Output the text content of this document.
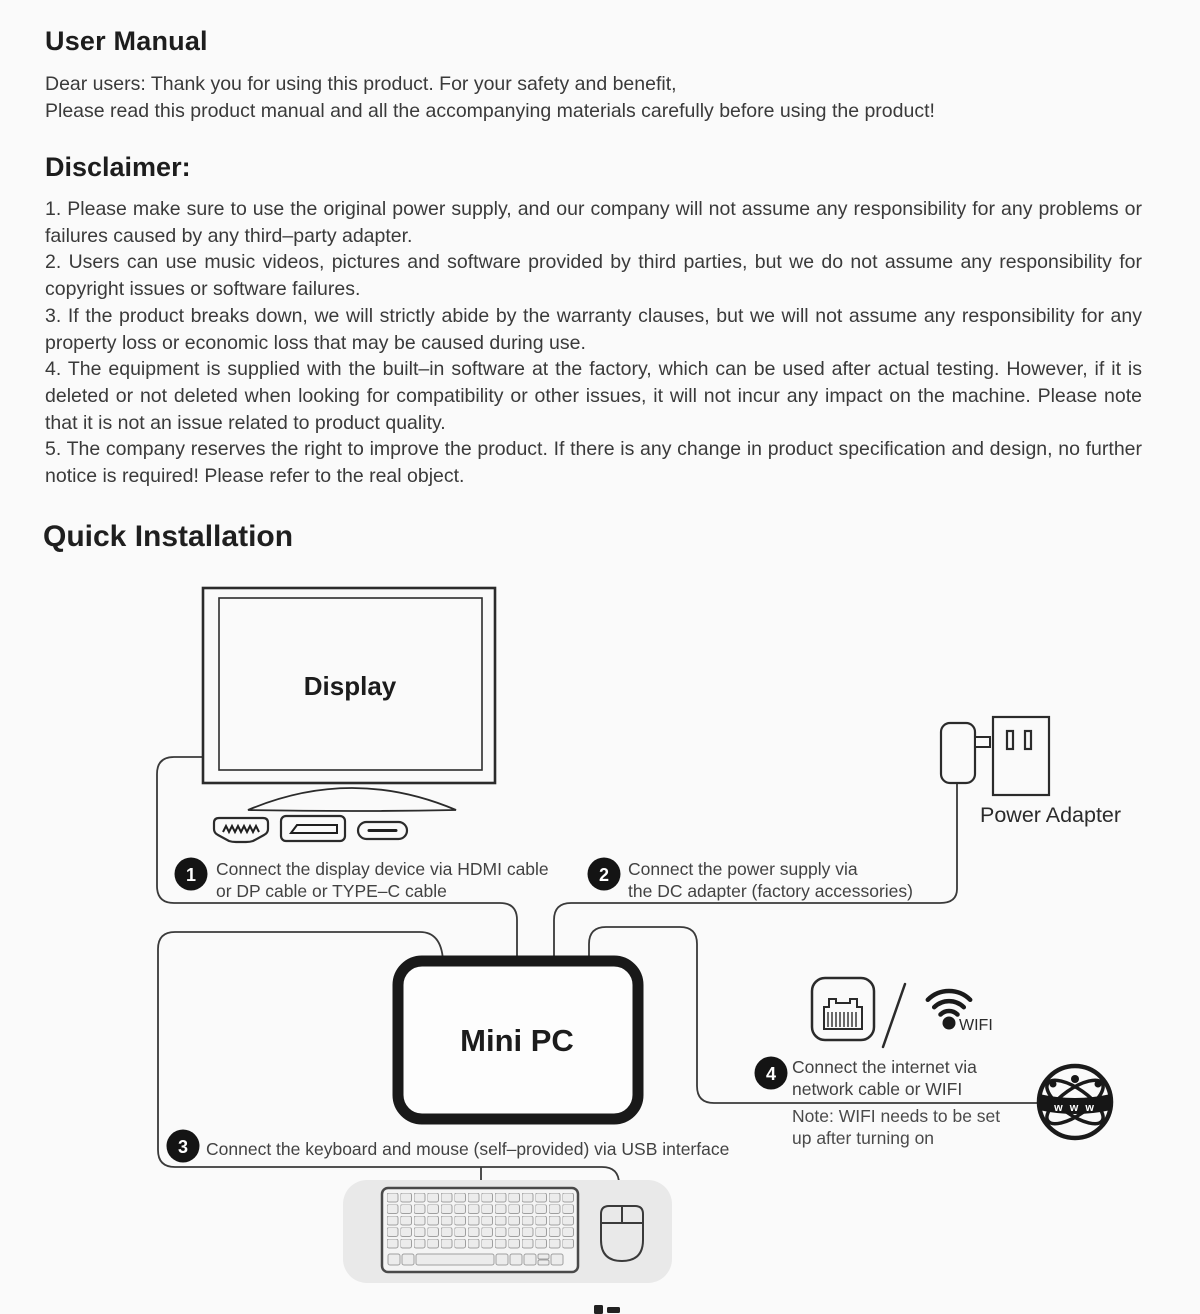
User Manual
Dear users: Thank you for using this product. For your safety and benefit,
Please read this product manual and all the accompanying materials carefully before using the product!
Disclaimer:

1. Please make sure to use the original power supply, and our company will not assume any responsibility for any problems or failures caused by any third–party adapter.

2. Users can use music videos, pictures and software provided by third parties, but we do not assume any responsibility for copyright issues or software failures.

3. If the product breaks down, we will strictly abide by the warranty clauses, but we will not assume any responsibility for any property loss or economic loss that may be caused during use.

4. The equipment is supplied with the built–in software at the factory, which can be used after actual testing. However, if it is deleted or not deleted when looking for compatibility or other issues, it will not incur any impact on the machine. Please note that it is not an issue related to product quality.

5. The company reserves the right to improve the product. If there is any change in product specification and design, no further notice is required! Please refer to the real object.

Quick Installation
Display
Power Adapter
Mini PC
1 Connect the display device via HDMI cable
or DP cable or TYPE–C cable
2 Connect the power supply via
the DC adapter (factory accessories)
3 Connect the keyboard and mouse (self–provided) via USB interface
WIFI
4 Connect the internet via
network cable or WIFI
Note: WIFI needs to be set
up after turning on
w w w
